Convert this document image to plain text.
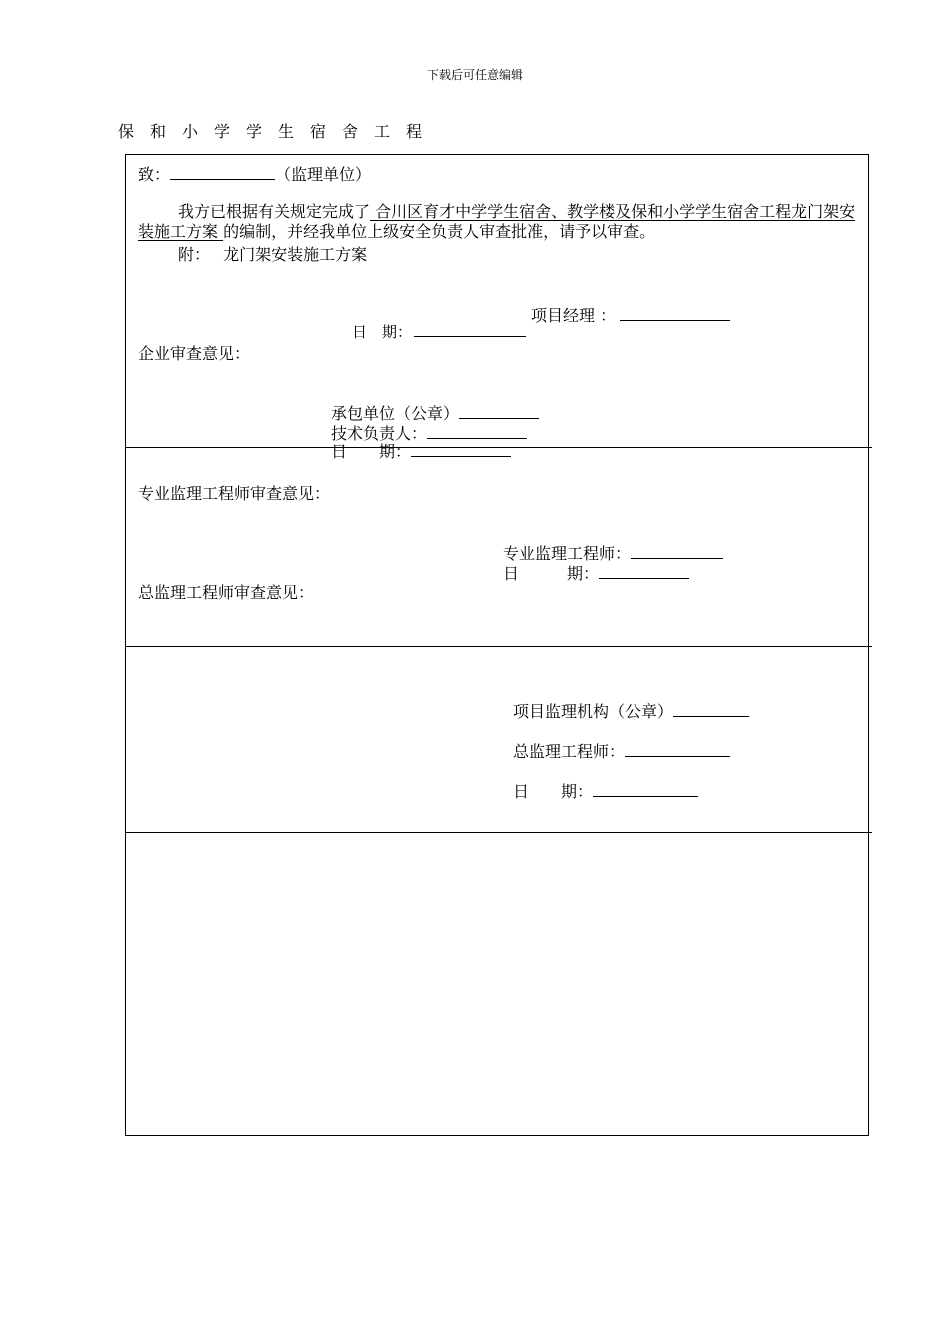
下载后可任意编辑
保和小学学生宿舍工程
致：	（监理单位）
我方已根据有关规定完成了 合川区育才中学学生宿舍、教学楼及保和小学学生宿舍工程龙门架安装施工方案 的编制，并经我单位上级安全负责人审查批准，请予以审查。
附： 龙门架安装施工方案
项目经理 ：
日　期：
企业审查意见：
承包单位（公章）
技术负责人：
日　　期：
专业监理工程师审查意见：
专业监理工程师：
日　　　期：
总监理工程师审查意见：
项目监理机构（公章）
总监理工程师：
日　　期：
